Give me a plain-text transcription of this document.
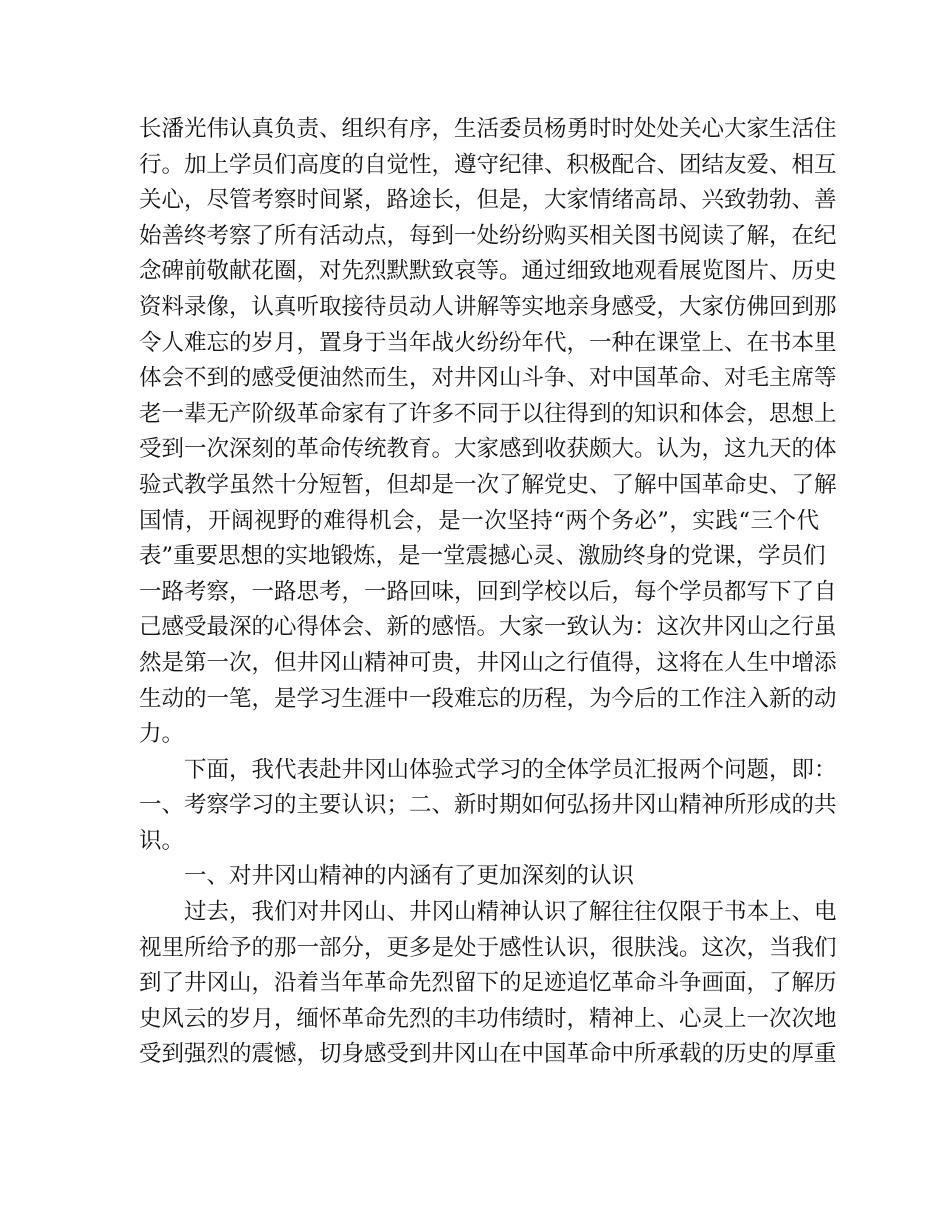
长潘光伟认真负责、组织有序，生活委员杨勇时时处处关心大家生活住
行。加上学员们高度的自觉性，遵守纪律、积极配合、团结友爱、相互
关心，尽管考察时间紧，路途长，但是，大家情绪高昂、兴致勃勃、善
始善终考察了所有活动点，每到一处纷纷购买相关图书阅读了解，在纪
念碑前敬献花圈，对先烈默默致哀等。通过细致地观看展览图片、历史
资料录像，认真听取接待员动人讲解等实地亲身感受，大家仿佛回到那
令人难忘的岁月，置身于当年战火纷纷年代，一种在课堂上、在书本里
体会不到的感受便油然而生，对井冈山斗争、对中国革命、对毛主席等
老一辈无产阶级革命家有了许多不同于以往得到的知识和体会，思想上
受到一次深刻的革命传统教育。大家感到收获颇大。认为，这九天的体
验式教学虽然十分短暂，但却是一次了解党史、了解中国革命史、了解
国情，开阔视野的难得机会，是一次坚持“两个务必”，实践“三个代
表”重要思想的实地锻炼，是一堂震撼心灵、激励终身的党课，学员们
一路考察，一路思考，一路回味，回到学校以后，每个学员都写下了自
己感受最深的心得体会、新的感悟。大家一致认为：这次井冈山之行虽
然是第一次，但井冈山精神可贵，井冈山之行值得，这将在人生中增添
生动的一笔，是学习生涯中一段难忘的历程，为今后的工作注入新的动
力。
下面，我代表赴井冈山体验式学习的全体学员汇报两个问题，即：
一、考察学习的主要认识；二、新时期如何弘扬井冈山精神所形成的共
识。
一、对井冈山精神的内涵有了更加深刻的认识
过去，我们对井冈山、井冈山精神认识了解往往仅限于书本上、电
视里所给予的那一部分，更多是处于感性认识，很肤浅。这次，当我们
到了井冈山，沿着当年革命先烈留下的足迹追忆革命斗争画面，了解历
史风云的岁月，缅怀革命先烈的丰功伟绩时，精神上、心灵上一次次地
受到强烈的震憾，切身感受到井冈山在中国革命中所承载的历史的厚重
